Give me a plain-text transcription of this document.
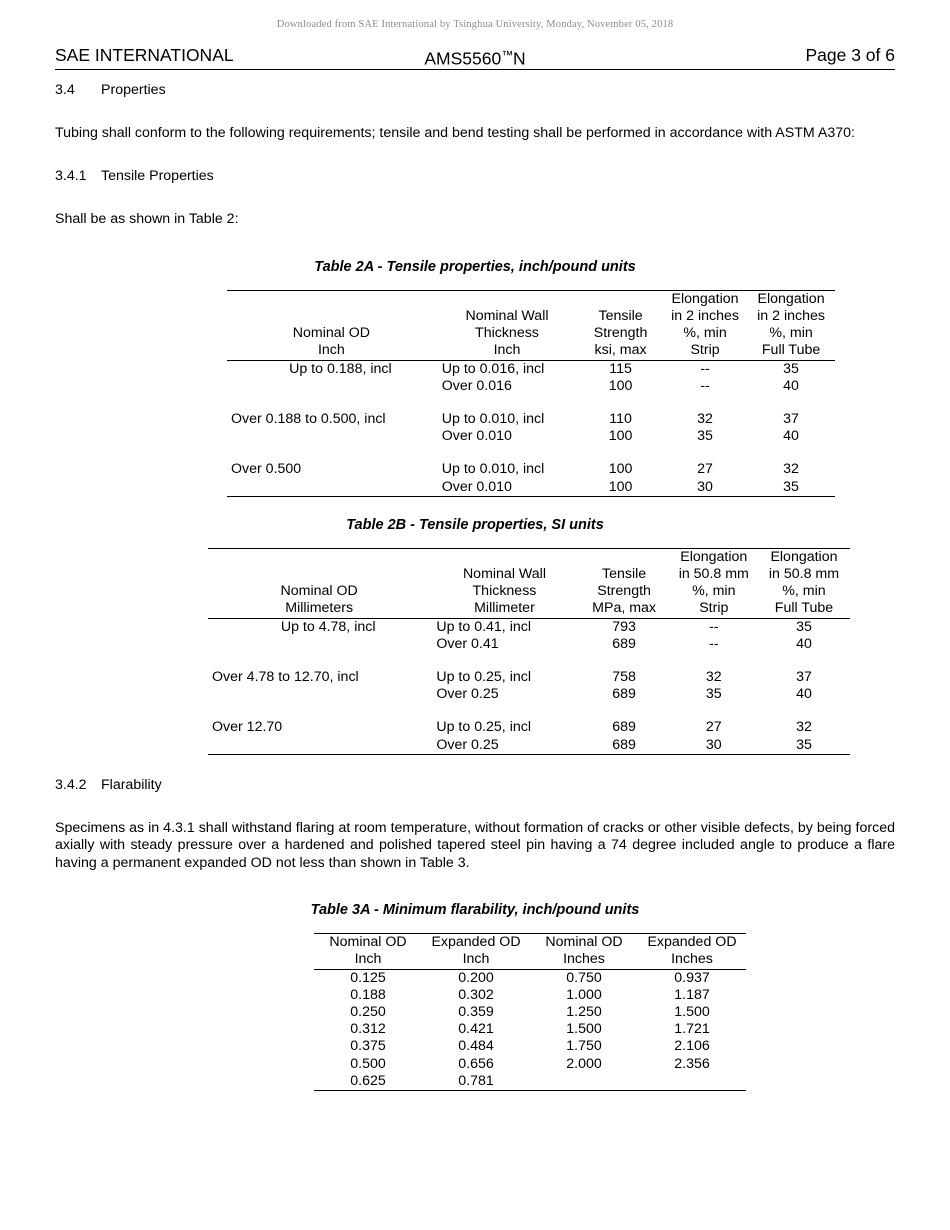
Downloaded from SAE International by Tsinghua University, Monday, November 05, 2018
SAE INTERNATIONAL	AMS5560™N	Page 3 of 6
3.4 Properties

Tubing shall conform to the following requirements; tensile and bend testing shall be performed in accordance with ASTM A370:

3.4.1 Tensile Properties

Shall be as shown in Table 2:

Table 2A - Tensile properties, inch/pound units

Nominal OD
Inch

Nominal Wall
Thickness
Inch

Tensile
Strength
ksi, max

Elongation
in 2 inches
%, min
Strip

Elongation
in 2 inches
%, min
Full Tube

Up to 0.188, incl	Up to 0.016, incl	115	--	35
	Over 0.016	100	--	40

Over 0.188 to 0.500, incl	Up to 0.010, incl	110	32	37
	Over 0.010	100	35	40

Over 0.500	Up to 0.010, incl	100	27	32
	Over 0.010	100	30	35
Table 2B - Tensile properties, SI units

Nominal OD
Millimeters

Nominal Wall
Thickness
Millimeter

Tensile
Strength
MPa, max

Elongation
in 50.8 mm
%, min
Strip

Elongation
in 50.8 mm
%, min
Full Tube

Up to 4.78, incl	Up to 0.41, incl	793	--	35
	Over 0.41	689	--	40

Over 4.78 to 12.70, incl	Up to 0.25, incl	758	32	37
	Over 0.25	689	35	40

Over 12.70	Up to 0.25, incl	689	27	32
	Over 0.25	689	30	35
3.4.2 Flarability

Specimens as in 4.3.1 shall withstand flaring at room temperature, without formation of cracks or other visible defects, by being forced axially with steady pressure over a hardened and polished tapered steel pin having a 74 degree included angle to produce a flare having a permanent expanded OD not less than shown in Table 3.

Table 3A - Minimum flarability, inch/pound units
Nominal OD
Inch

Expanded OD
Inch

Nominal OD
Inches

Expanded OD
Inches

0.125	0.200	0.750	0.937
0.188	0.302	1.000	1.187
0.250	0.359	1.250	1.500
0.312	0.421	1.500	1.721
0.375	0.484	1.750	2.106
0.500	0.656	2.000	2.356
0.625	0.781		
